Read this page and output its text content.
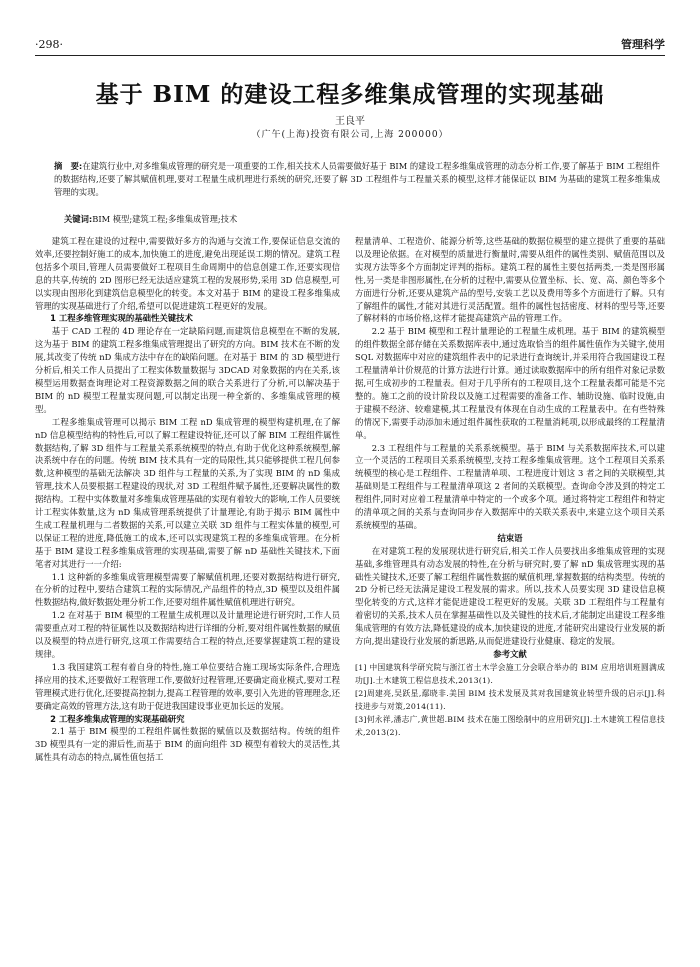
·298·	管理科学
基于 BIM 的建设工程多维集成管理的实现基础
王良平
（广午(上海)投资有限公司,上海 200000）
摘　要:在建筑行业中,对多维集成管理的研究是一项重要的工作,相关技术人员需要做好基于 BIM 的建设工程多维集成管理的动态分析工作,要了解基于 BIM 工程组件的数据结构,还要了解其赋值机理,要对工程量生成机理进行系统的研究,还要了解 3D 工程组件与工程量关系的模型,这样才能保证以 BIM 为基础的建筑工程多维集成管理的实现。
关键词:BIM 模型;建筑工程;多维集成管理;技术

建筑工程在建设的过程中,需要做好多方的沟通与交流工作,要保证信息交流的效率,还要控制好施工的成本,加快施工的进度,避免出现延误工期的情况。建筑工程包括多个项目,管理人员需要做好工程项目生命周期中的信息创建工作,还要实现信息的共享,传统的 2D 图形已经无法适应建筑工程的发展形势,采用 3D 信息模型,可以实现由图形化到建筑信息模型化的转变。本文对基于 BIM 的建设工程多维集成管理的实现基础进行了介绍,希望可以促进建筑工程更好的发展。

1 工程多维管理实现的基础性关键技术

基于 CAD 工程的 4D 理论存在一定缺陷问题,而建筑信息模型在不断的发展,这为基于 BIM 的建筑工程多维集成管理提出了研究的方向。BIM 技术在不断的发展,其改变了传统 nD 集成方法中存在的缺陷问题。在对基于 BIM 的 3D 模型进行分析后,相关工作人员提出了工程实体数量数据与 3DCAD 对象数据的内在关系,该模型运用数据查询理论对工程资源数据之间的联合关系进行了分析,可以解决基于 BIM 的 nD 模型工程量实现问题,可以制定出现一种全新的、多维集成管理的模型。

工程多维集成管理可以揭示 BIM 工程 nD 集成管理的模型构建机理,在了解 nD 信息模型结构的特性后,可以了解工程建设特征,还可以了解 BIM 工程组件属性数据结构,了解 3D 组件与工程量关系系统模型的特点,有助于优化这种系统模型,解决系统中存在的问题。传统 BIM 技术具有一定的局限性,其只能够提供工程几何参数,这种模型的基础无法解决 3D 组件与工程量的关系,为了实现 BIM 的 nD 集成管理,技术人员要根据工程建设的现状,对 3D 工程组件赋予属性,还要解决属性的数据结构。工程中实体数量对多维集成管理基础的实现有着较大的影响,工作人员要统计工程实体数量,这为 nD 集成管理系统提供了计量理论,有助于揭示 BIM 属性中生成工程量机理与二者数据的关系,可以建立关联 3D 组件与工程实体量的模型,可以保证工程的进度,降低施工的成本,还可以实现建筑工程的多维集成管理。在分析基于 BIM 建设工程多维集成管理的实现基础,需要了解 nD 基础性关键技术,下面笔者对其进行一一介绍:

1.1 这种新的多维集成管理模型需要了解赋值机理,还要对数据结构进行研究,在分析的过程中,要结合建筑工程的实际情况,产品组件的特点,3D 模型以及组件属性数据结构,做好数据处理分析工作,还要对组件属性赋值机理进行研究。

1.2 在对基于 BIM 模型的工程量生成机理以及计量理论进行研究时,工作人员需要重点对工程的特征属性以及数据结构进行详细的分析,要对组件属性数据的赋值以及模型的特点进行研究,这项工作需要结合工程的特点,还要掌握建筑工程的建设规律。

1.3 我国建筑工程有着自身的特性,施工单位要结合施工现场实际条件,合理选择应用的技术,还要做好工程管理工作,要做好过程管理,还要确定商业模式,要对工程管理模式进行优化,还要提高控制力,提高工程管理的效率,要引入先进的管理理念,还要确定高效的管理方法,这有助于促进我国建设事业更加长远的发展。

2 工程多维集成管理的实现基础研究

2.1 基于 BIM 模型的工程组件属性数据的赋值以及数据结构。传统的组件 3D 模型具有一定的滞后性,而基于 BIM 的面向组件 3D 模型有着较大的灵活性,其属性具有动态的特点,属性值包括工

程量清单、工程造价、能源分析等,这些基础的数据位模型的建立提供了重要的基础以及理论依据。在对模型的质量进行衡量时,需要从组件的属性类别、赋值范围以及实现方法等多个方面制定评判的指标。建筑工程的属性主要包括两类,一类是图形属性,另一类是非图形属性,在分析的过程中,需要从位置坐标、长、宽、高、颜色等多个方面进行分析,还要从建筑产品的型号,安装工艺以及费用等多个方面进行了解。只有了解组件的属性,才能对其进行灵活配置。组件的属性包括密度、材料的型号等,还要了解材料的市场价格,这样才能提高建筑产品的管理工作。

2.2 基于 BIM 模型和工程计量理论的工程量生成机理。基于 BIM 的建筑模型的组件数据全部存储在关系数据库表中,通过选取恰当的组件属性值作为关键字,使用 SQL 对数据库中对应的建筑组件表中的记录进行查询统计,并采用符合我国建设工程工程量清单计价规范的计算方法进行计算。通过读取数据库中的所有组件对象记录数据,可生成初步的工程量表。但对于几乎所有的工程项目,这个工程量表都可能是不完整的。施工之前的设计阶段以及施工过程需要的准备工作、辅助设施、临时设施,由于建模不经济、较难建模,其工程量没有体现在自动生成的工程量表中。在有些特殊的情况下,需要手动添加未通过组件属性获取的工程量消耗项,以形成最终的工程量清单。

2.3 工程组件与工程量的关系系统模型。基于 BIM 与关系数据库技术,可以建立一个灵活的工程项目关系系统模型,支持工程多维集成管理。这个工程项目关系系统模型的核心是工程组件、工程量清单项、工程进度计划这 3 者之间的关联模型,其基础则是工程组件与工程量清单项这 2 者间的关联模型。查询命令涉及到的特定工程组件,同时对应着工程量清单中特定的一个或多个项。通过将特定工程组件和特定的清单项之间的关系与查询同步存入数据库中的关联关系表中,来建立这个项目关系系统模型的基础。

结束语

在对建筑工程的发展现状进行研究后,相关工作人员要找出多维集成管理的实现基础,多维管理具有动态发展的特性,在分析与研究时,要了解 nD 集成管理实现的基础性关键技术,还要了解工程组件属性数据的赋值机理,掌握数据的结构类型。传统的 2D 分析已经无法满足建设工程发展的需求。所以,技术人员要实现 3D 建设信息模型化转变的方式,这样才能促进建设工程更好的发展。关联 3D 工程组件与工程量有着密切的关系,技术人员在掌握基础性以及关键性的技术后,才能制定出建设工程多维集成管理的有效方法,降低建设的成本,加快建设的进度,才能研究出建设行业发展的新方向,提出建设行业发展的新思路,从而促进建设行业健康、稳定的发展。

参考文献
[1] 中国建筑科学研究院与浙江省土木学会施工分会联合举办的 BIM 应用培训班圆满成功[J].土木建筑工程信息技术,2013(1).
[2]周建亮,吴跃星,鄢晓非.美国 BIM 技术发展及其对我国建筑业转型升级的启示[J].科技进步与对策,2014(11).
[3]何永祥,潘志广,黄世超.BIM 技术在施工图绘制中的应用研究[J].土木建筑工程信息技术,2013(2).
